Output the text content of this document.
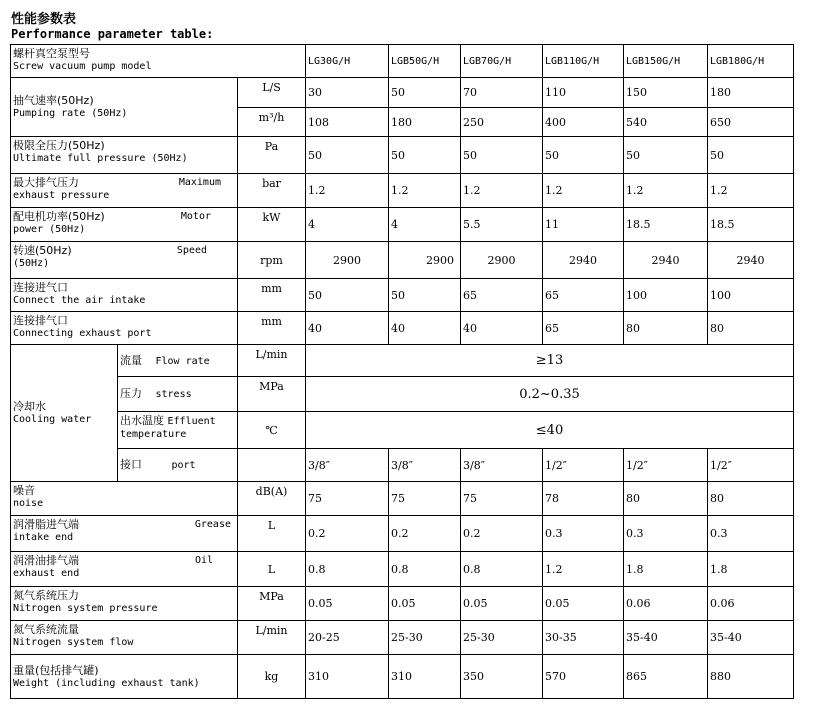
性能参数表
Performance parameter table:
螺杆真空泵型号
Screw vacuum pump model			LG30G/H	LGB50G/H	LGB70G/H	LGB110G/H	LGB150G/H	LGB180G/H

抽气速率(50Hz)
Pumping rate (50Hz)		L/S	30	50	70	110	150	180
		m³/h	108	180	250	400	540	650

极限全压力(50Hz)
Ultimate full pressure (50Hz)		Pa	50	50	50	50	50	50

最大排气压力 Maximum
exhaust pressure		bar	1.2	1.2	1.2	1.2	1.2	1.2

配电机功率(50Hz) Motor
power (50Hz)		kW	4	4	5.5	11	18.5	18.5

转速(50Hz) Speed
(50Hz)		rpm	2900	2900	2900	2940	2940	2940

连接进气口
Connect the air intake		mm	50	50	65	65	100	100

连接排气口
Connecting exhaust port		mm	40	40	40	65	80	80

冷却水
Cooling water	流量 Flow rate	L/min	≥13					
	压力 stress	MPa	0.2~0.35					

	出水温度 Effluent
temperature	℃	≤40					
	接口 port		3/8″	3/8″	3/8″	1/2″	1/2″	1/2″

噪音
noise		dB(A)	75	75	75	78	80	80

润滑脂进气端 Grease
intake end		L	0.2	0.2	0.2	0.3	0.3	0.3

润滑油排气端 Oil
exhaust end		L	0.8	0.8	0.8	1.2	1.8	1.8

氮气系统压力
Nitrogen system pressure		MPa	0.05	0.05	0.05	0.05	0.06	0.06

氮气系统流量
Nitrogen system flow		L/min	20-25	25-30	25-30	30-35	35-40	35-40

重量(包括排气罐)
Weight (including exhaust tank)		kg	310	310	350	570	865	880
